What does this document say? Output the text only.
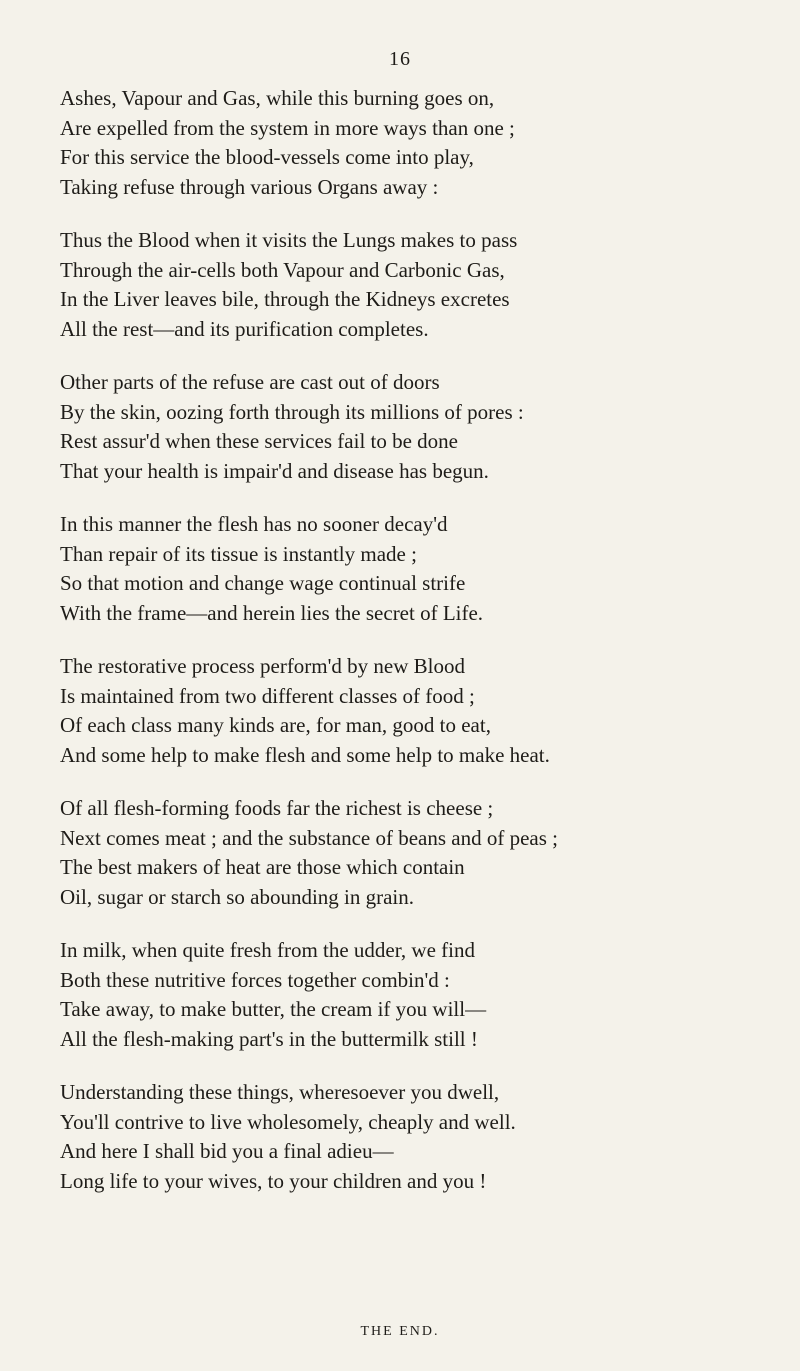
16
Ashes, Vapour and Gas, while this burning goes on,
Are expelled from the system in more ways than one ;
For this service the blood-vessels come into play,
Taking refuse through various Organs away :
Thus the Blood when it visits the Lungs makes to pass
Through the air-cells both Vapour and Carbonic Gas,
In the Liver leaves bile, through the Kidneys excretes
All the rest—and its purification completes.
Other parts of the refuse are cast out of doors
By the skin, oozing forth through its millions of pores :
Rest assur'd when these services fail to be done
That your health is impair'd and disease has begun.
In this manner the flesh has no sooner decay'd
Than repair of its tissue is instantly made ;
So that motion and change wage continual strife
With the frame—and herein lies the secret of Life.
The restorative process perform'd by new Blood
Is maintained from two different classes of food ;
Of each class many kinds are, for man, good to eat,
And some help to make flesh and some help to make heat.
Of all flesh-forming foods far the richest is cheese ;
Next comes meat ; and the substance of beans and of peas ;
The best makers of heat are those which contain
Oil, sugar or starch so abounding in grain.
In milk, when quite fresh from the udder, we find
Both these nutritive forces together combin'd :
Take away, to make butter, the cream if you will—
All the flesh-making part's in the buttermilk still !
Understanding these things, wheresoever you dwell,
You'll contrive to live wholesomely, cheaply and well.
And here I shall bid you a final adieu—
Long life to your wives, to your children and you !
THE END.
